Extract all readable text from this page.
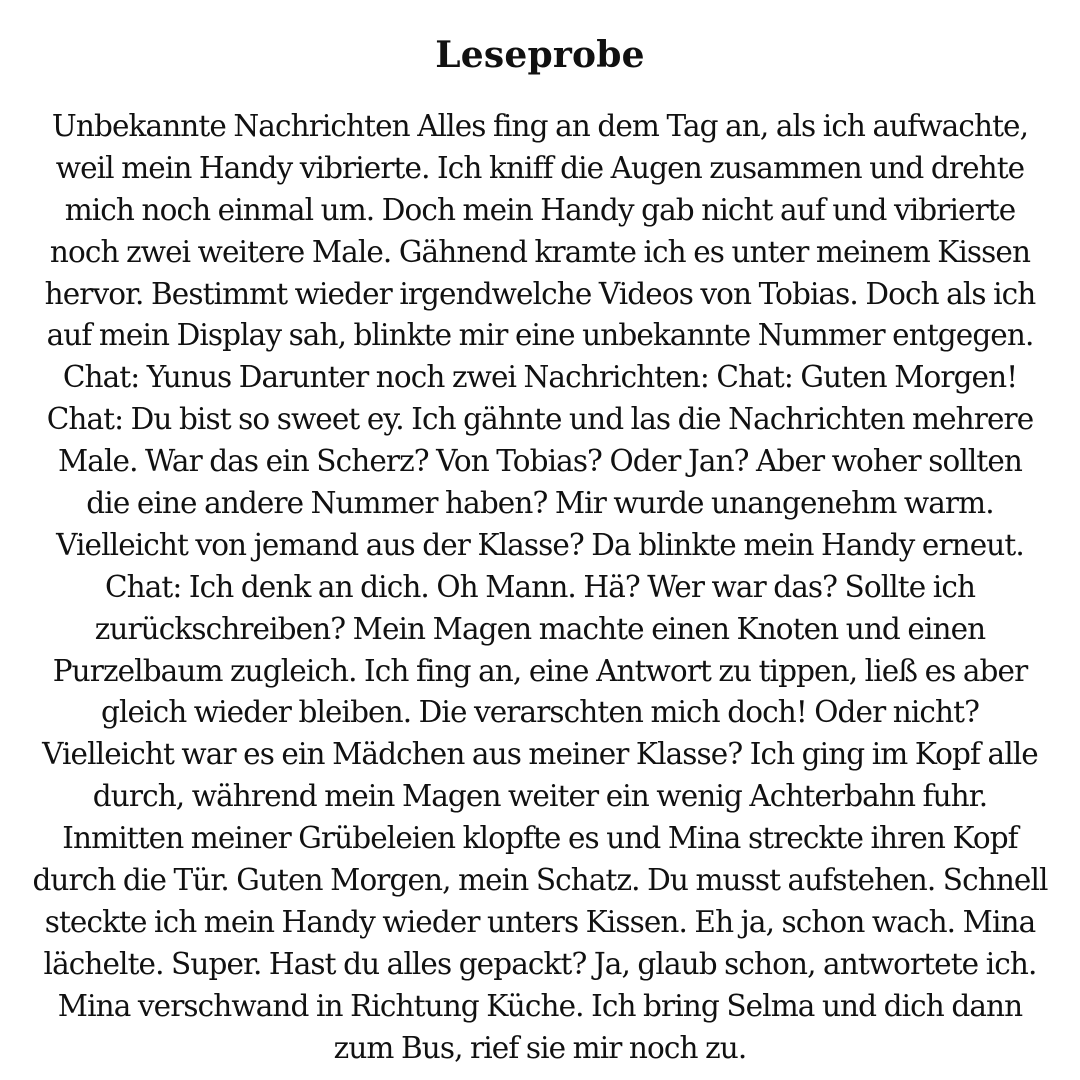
Leseprobe
Unbekannte Nachrichten Alles fing an dem Tag an, als ich aufwachte,
weil mein Handy vibrierte. Ich kniff die Augen zusammen und drehte
mich noch einmal um. Doch mein Handy gab nicht auf und vibrierte
noch zwei weitere Male. Gähnend kramte ich es unter meinem Kissen
hervor. Bestimmt wieder irgendwelche Videos von Tobias. Doch als ich
auf mein Display sah, blinkte mir eine unbekannte Nummer entgegen.
Chat: Yunus Darunter noch zwei Nachrichten: Chat: Guten Morgen!
Chat: Du bist so sweet ey. Ich gähnte und las die Nachrichten mehrere
Male. War das ein Scherz? Von Tobias? Oder Jan? Aber woher sollten
die eine andere Nummer haben? Mir wurde unangenehm warm.
Vielleicht von jemand aus der Klasse? Da blinkte mein Handy erneut.
Chat: Ich denk an dich. Oh Mann. Hä? Wer war das? Sollte ich
zurückschreiben? Mein Magen machte einen Knoten und einen
Purzelbaum zugleich. Ich fing an, eine Antwort zu tippen, ließ es aber
gleich wieder bleiben. Die verarschten mich doch! Oder nicht?
Vielleicht war es ein Mädchen aus meiner Klasse? Ich ging im Kopf alle
durch, während mein Magen weiter ein wenig Achterbahn fuhr.
Inmitten meiner Grübeleien klopfte es und Mina streckte ihren Kopf
durch die Tür. Guten Morgen, mein Schatz. Du musst aufstehen. Schnell
steckte ich mein Handy wieder unters Kissen. Eh ja, schon wach. Mina
lächelte. Super. Hast du alles gepackt? Ja, glaub schon, antwortete ich.
Mina verschwand in Richtung Küche. Ich bring Selma und dich dann
zum Bus, rief sie mir noch zu.
